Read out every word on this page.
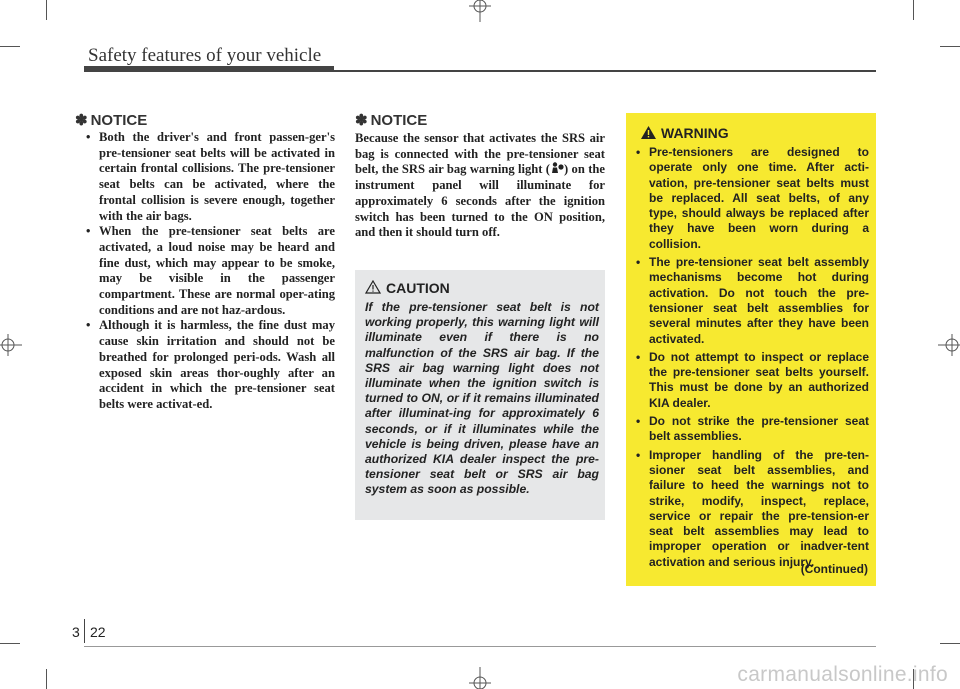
Safety features of your vehicle
✽ NOTICE
• Both the driver's and front passen-ger's pre-tensioner seat belts will be activated in certain frontal collisions. The pre-tensioner seat belts can be activated, where the frontal collision is severe enough, together with the air bags.
• When the pre-tensioner seat belts are activated, a loud noise may be heard and fine dust, which may appear to be smoke, may be visible in the passenger compartment. These are normal oper-ating conditions and are not haz-ardous.
• Although it is harmless, the fine dust may cause skin irritation and should not be breathed for prolonged peri-ods. Wash all exposed skin areas thor-oughly after an accident in which the pre-tensioner seat belts were activat-ed.
✽ NOTICE
Because the sensor that activates the SRS air bag is connected with the pre-tensioner seat belt, the SRS air bag warning light ( ) on the instrument panel will illuminate for approximately 6 seconds after the ignition switch has been turned to the ON position, and then it should turn off.
CAUTION
If the pre-tensioner seat belt is not working properly, this warning light will illuminate even if there is no malfunction of the SRS air bag. If the SRS air bag warning light does not illuminate when the ignition switch is turned to ON, or if it remains illuminated after illuminat-ing for approximately 6 seconds, or if it illuminates while the vehicle is being driven, please have an authorized KIA dealer inspect the pre-tensioner seat belt or SRS air bag system as soon as possible.
WARNING
• Pre-tensioners are designed to operate only one time. After acti-vation, pre-tensioner seat belts must be replaced. All seat belts, of any type, should always be replaced after they have been worn during a collision.
• The pre-tensioner seat belt assembly mechanisms become hot during activation. Do not touch the pre-tensioner seat belt assemblies for several minutes after they have been activated.
• Do not attempt to inspect or replace the pre-tensioner seat belts yourself. This must be done by an authorized KIA dealer.
• Do not strike the pre-tensioner seat belt assemblies.
• Improper handling of the pre-ten-sioner seat belt assemblies, and failure to heed the warnings not to strike, modify, inspect, replace, service or repair the pre-tension-er seat belt assemblies may lead to improper operation or inadver-tent activation and serious injury.
(Continued)
3 22
carmanualsonline.info
